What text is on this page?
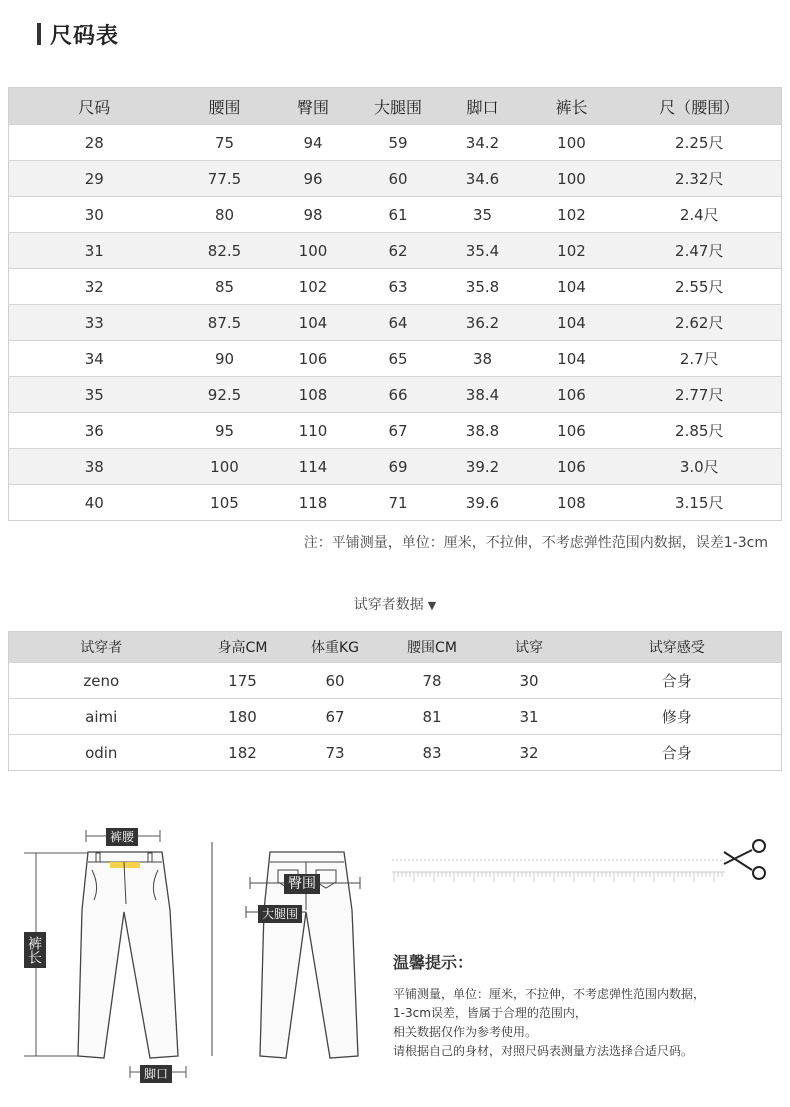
尺码表
尺码	腰围	臀围	大腿围	脚口	裤长	尺（腰围）
28	75	94	59	34.2	100	2.25尺
29	77.5	96	60	34.6	100	2.32尺
30	80	98	61	35	102	2.4尺
31	82.5	100	62	35.4	102	2.47尺
32	85	102	63	35.8	104	2.55尺
33	87.5	104	64	36.2	104	2.62尺
34	90	106	65	38	104	2.7尺
35	92.5	108	66	38.4	106	2.77尺
36	95	110	67	38.8	106	2.85尺
38	100	114	69	39.2	106	3.0尺
40	105	118	71	39.6	108	3.15尺
注：平铺测量，单位：厘米，不拉伸，不考虑弹性范围内数据，误差1-3cm
试穿者数据 ▼
试穿者	身高CM	体重KG	腰围CM	试穿	试穿感受
zeno	175	60	78	30	合身
aimi	180	67	81	31	修身
odin	182	73	83	32	合身
裤腰
裤长
脚口
臀围
大腿围
温馨提示：
平铺测量，单位：厘米，不拉伸，不考虑弹性范围内数据，
1-3cm误差，皆属于合理的范围内，
相关数据仅作为参考使用。
请根据自己的身材，对照尺码表测量方法选择合适尺码。
